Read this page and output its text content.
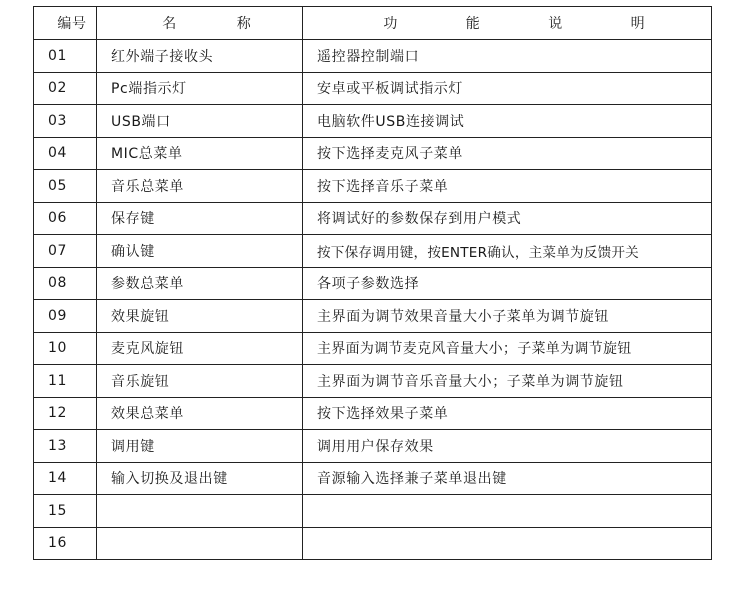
编号	名 称	功 能 说 明
01	红外端子接收头	遥控器控制端口
02	Pc端指示灯	安卓或平板调试指示灯
03	USB端口	电脑软件USB连接调试
04	MIC总菜单	按下选择麦克风子菜单
05	音乐总菜单	按下选择音乐子菜单
06	保存键	将调试好的参数保存到用户模式
07	确认键	按下保存调用键，按ENTER确认，主菜单为反馈开关
08	参数总菜单	各项子参数选择
09	效果旋钮	主界面为调节效果音量大小子菜单为调节旋钮
10	麦克风旋钮	主界面为调节麦克风音量大小；子菜单为调节旋钮
11	音乐旋钮	主界面为调节音乐音量大小；子菜单为调节旋钮
12	效果总菜单	按下选择效果子菜单
13	调用键	调用用户保存效果
14	输入切换及退出键	音源输入选择兼子菜单退出键
15		
16		
